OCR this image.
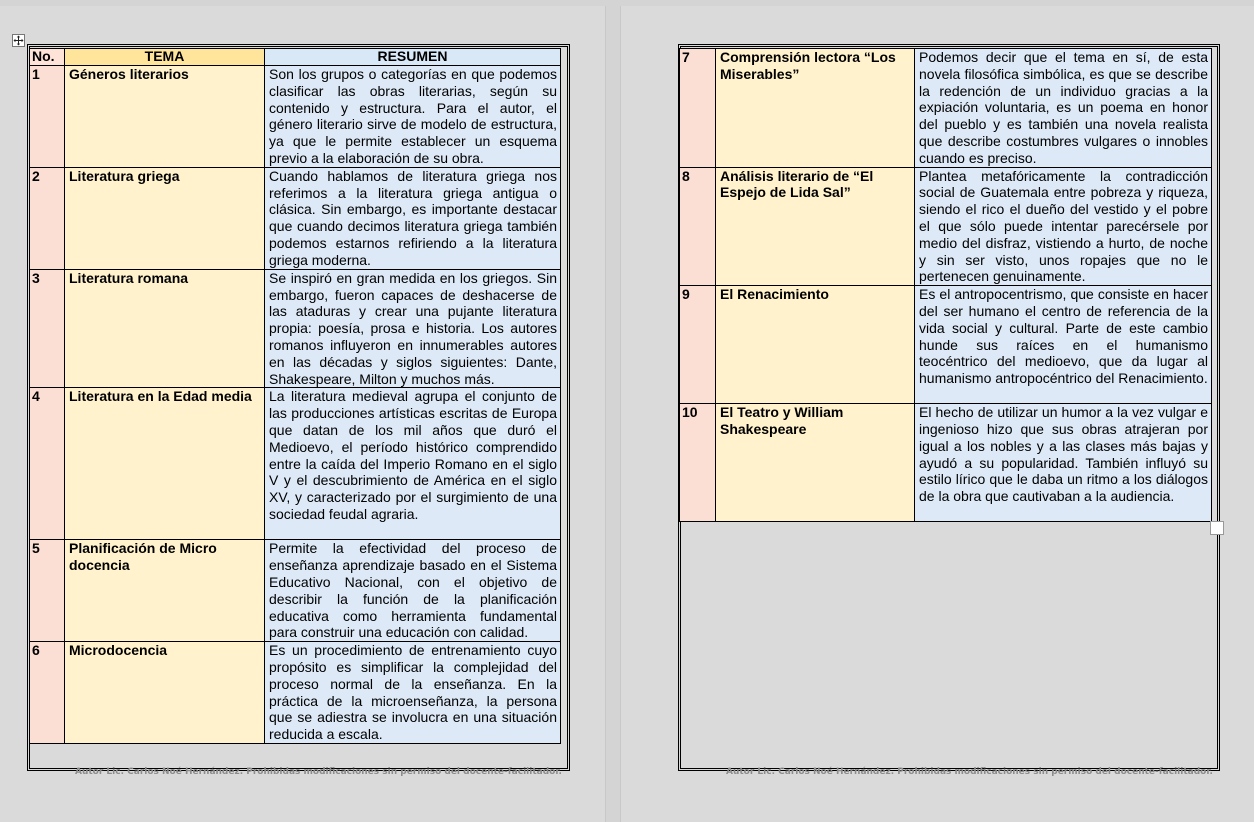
No.	TEMA	RESUMEN
1	Géneros literarios	Son los grupos o categorías en que podemos clasificar las obras literarias, según su contenido y estructura. Para el autor, el género literario sirve de modelo de estructura, ya que le permite establecer un esquema previo a la elaboración de su obra.
2	Literatura griega	Cuando hablamos de literatura griega nos referimos a la literatura griega antigua o clásica. Sin embargo, es importante destacar que cuando decimos literatura griega también podemos estarnos refiriendo a la literatura griega moderna.
3	Literatura romana	Se inspiró en gran medida en los griegos. Sin embargo, fueron capaces de deshacerse de las ataduras y crear una pujante literatura propia: poesía, prosa e historia. Los autores romanos influyeron en innumerables autores en las décadas y siglos siguientes: Dante, Shakespeare, Milton y muchos más.
4	Literatura en la Edad media	La literatura medieval agrupa el conjunto de las producciones artísticas escritas de Europa que datan de los mil años que duró el Medioevo, el período histórico comprendido entre la caída del Imperio Romano en el siglo V y el descubrimiento de América en el siglo XV, y caracterizado por el surgimiento de una sociedad feudal agraria.
5	Planificación de Micro docencia	Permite la efectividad del proceso de enseñanza aprendizaje basado en el Sistema Educativo Nacional, con el objetivo de describir la función de la planificación educativa como herramienta fundamental para construir una educación con calidad.
6	Microdocencia	Es un procedimiento de entrenamiento cuyo propósito es simplificar la complejidad del proceso normal de la enseñanza. En la práctica de la microenseñanza, la persona que se adiestra se involucra en una situación reducida a escala.
Autor Lic. Carlos Noé Hernández. Prohibidas modificaciones sin permiso del docente-facilitador.
7	Comprensión lectora “Los Miserables”	Podemos decir que el tema en sí, de esta novela filosófica simbólica, es que se describe la redención de un individuo gracias a la expiación voluntaria, es un poema en honor del pueblo y es también una novela realista que describe costumbres vulgares o innobles cuando es preciso.
8	Análisis literario de “El Espejo de Lida Sal”	Plantea metafóricamente la contradicción social de Guatemala entre pobreza y riqueza, siendo el rico el dueño del vestido y el pobre el que sólo puede intentar parecérsele por medio del disfraz, vistiendo a hurto, de noche y sin ser visto, unos ropajes que no le pertenecen genuinamente.
9	El Renacimiento	Es el antropocentrismo, que consiste en hacer del ser humano el centro de referencia de la vida social y cultural. Parte de este cambio hunde sus raíces en el humanismo teocéntrico del medioevo, que da lugar al humanismo antropocéntrico del Renacimiento.
10	El Teatro y William Shakespeare	El hecho de utilizar un humor a la vez vulgar e ingenioso hizo que sus obras atrajeran por igual a los nobles y a las clases más bajas y ayudó a su popularidad. También influyó su estilo lírico que le daba un ritmo a los diálogos de la obra que cautivaban a la audiencia.
Autor Lic. Carlos Noé Hernández. Prohibidas modificaciones sin permiso del docente-facilitador.
